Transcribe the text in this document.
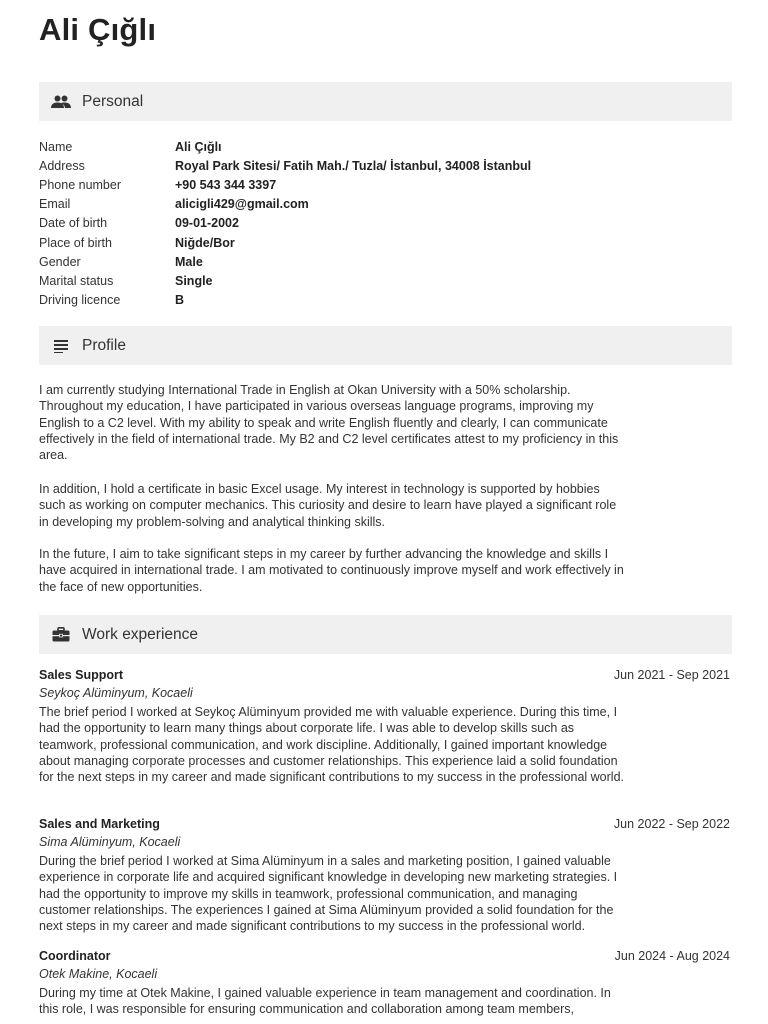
Ali Çığlı
Personal
Name	Ali Çığlı
Address	Royal Park Sitesi/ Fatih Mah./ Tuzla/ İstanbul, 34008 İstanbul
Phone number	+90 543 344 3397
Email	alicigli429@gmail.com
Date of birth	09-01-2002
Place of birth	Niğde/Bor
Gender	Male
Marital status	Single
Driving licence	B
Profile

I am currently studying International Trade in English at Okan University with a 50% scholarship. Throughout my education, I have participated in various overseas language programs, improving my English to a C2 level. With my ability to speak and write English fluently and clearly, I can communicate effectively in the field of international trade. My B2 and C2 level certificates attest to my proficiency in this area.

In addition, I hold a certificate in basic Excel usage. My interest in technology is supported by hobbies such as working on computer mechanics. This curiosity and desire to learn have played a significant role in developing my problem-solving and analytical thinking skills.

In the future, I aim to take significant steps in my career by further advancing the knowledge and skills I have acquired in international trade. I am motivated to continuously improve myself and work effectively in the face of new opportunities.

Work experience
Sales Support	Jun 2021 - Sep 2021
Seykoç Alüminyum, Kocaeli

The brief period I worked at Seykoç Alüminyum provided me with valuable experience. During this time, I had the opportunity to learn many things about corporate life. I was able to develop skills such as teamwork, professional communication, and work discipline. Additionally, I gained important knowledge about managing corporate processes and customer relationships. This experience laid a solid foundation for the next steps in my career and made significant contributions to my success in the professional world.

Sales and Marketing	Jun 2022 - Sep 2022
Sima Alüminyum, Kocaeli

During the brief period I worked at Sima Alüminyum in a sales and marketing position, I gained valuable experience in corporate life and acquired significant knowledge in developing new marketing strategies. I had the opportunity to improve my skills in teamwork, professional communication, and managing customer relationships. The experiences I gained at Sima Alüminyum provided a solid foundation for the next steps in my career and made significant contributions to my success in the professional world.

Coordinator	Jun 2024 - Aug 2024
Otek Makine, Kocaeli

During my time at Otek Makine, I gained valuable experience in team management and coordination. In this role, I was responsible for ensuring communication and collaboration among team members,
